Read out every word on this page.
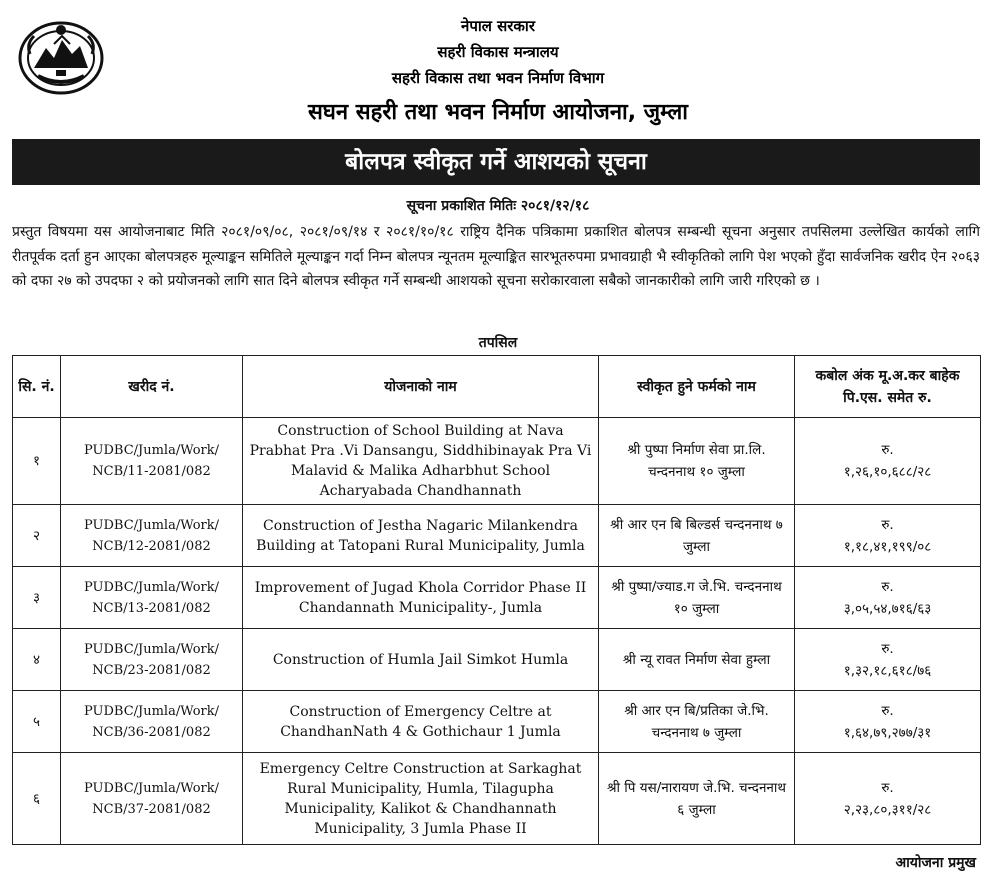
नेपाल सरकार
सहरी विकास मन्त्रालय
सहरी विकास तथा भवन निर्माण विभाग
सघन सहरी तथा भवन निर्माण आयोजना, जुम्ला
बोलपत्र स्वीकृत गर्ने आशयको सूचना
सूचना प्रकाशित मितिः २०८१/१२/१८
प्रस्तुत विषयमा यस आयोजनाबाट मिति २०८१/०९/०८, २०८१/०९/१४ र २०८१/१०/१८ राष्ट्रिय दैनिक पत्रिकामा प्रकाशित बोलपत्र सम्बन्धी सूचना अनुसार तपसिलमा उल्लेखित कार्यको लागि रीतपूर्वक दर्ता हुन आएका बोलपत्रहरु मूल्याङ्कन समितिले मूल्याङ्कन गर्दा निम्न बोलपत्र न्यूनतम मूल्याङ्कित सारभूतरुपमा प्रभावग्राही भै स्वीकृतिको लागि पेश भएको हुँदा सार्वजनिक खरीद ऐन २०६३ को दफा २७ को उपदफा २ को प्रयोजनको लागि सात दिने बोलपत्र स्वीकृत गर्ने सम्बन्धी आशयको सूचना सरोकारवाला सबैको जानकारीको लागि जारी गरिएको छ ।
तपसिल
सि. नं.	खरीद नं.	योजनाको नाम	स्वीकृत हुने फर्मको नाम	कबोल अंक मू.अ.कर बाहेक पि.एस. समेत रु.
१	PUDBC/Jumla/Work/ NCB/11-2081/082	Construction of School Building at Nava Prabhat Pra .Vi Dansangu, Siddhibinayak Pra Vi Malavid & Malika Adharbhut School Acharyabada Chandhannath	श्री पुष्पा निर्माण सेवा प्रा.लि. चन्दननाथ १० जुम्ला	रु.
१,२६,१०,६८८/२८

२	PUDBC/Jumla/Work/ NCB/12-2081/082	Construction of Jestha Nagaric Milankendra Building at Tatopani Rural Municipality, Jumla	श्री आर एन बि बिल्डर्स चन्दननाथ ७ जुम्ला	रु.
१,१८,४१,१९९/०८

३	PUDBC/Jumla/Work/ NCB/13-2081/082	Improvement of Jugad Khola Corridor Phase II Chandannath Municipality-, Jumla	श्री पुष्पा/ज्याड.ग जे.भि. चन्दननाथ १० जुम्ला	रु.
३,०५,५४,७१६/६३

४	PUDBC/Jumla/Work/ NCB/23-2081/082	Construction of Humla Jail Simkot Humla	श्री न्यू रावत निर्माण सेवा हुम्ला	रु.
१,३२,१८,६१८/७६

५	PUDBC/Jumla/Work/ NCB/36-2081/082	Construction of Emergency Celtre at ChandhanNath 4 & Gothichaur 1 Jumla	श्री आर एन बि/प्रतिका जे.भि. चन्दननाथ ७ जुम्ला	रु.
१,६४,७९,२७७/३१

६	PUDBC/Jumla/Work/ NCB/37-2081/082	Emergency Celtre Construction at Sarkaghat Rural Municipality, Humla, Tilagupha Municipality, Kalikot & Chandhannath Municipality, 3 Jumla Phase II	श्री पि यस/नारायण जे.भि. चन्दननाथ ६ जुम्ला	रु.
२,२३,८०,३११/२८
आयोजना प्रमुख
